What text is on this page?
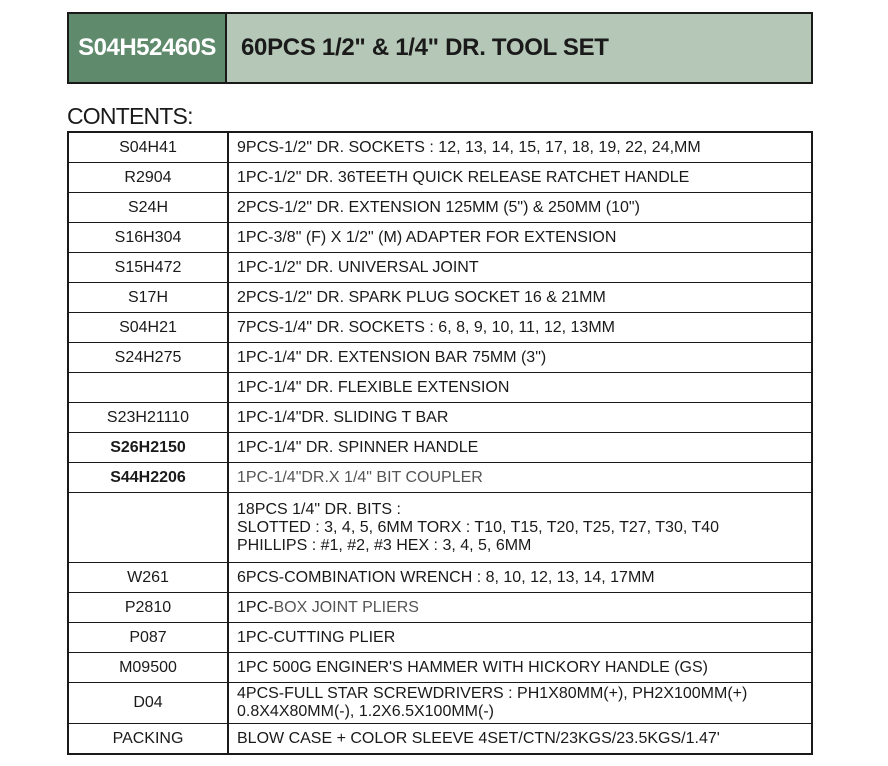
S04H52460S	60PCS 1/2" & 1/4" DR. TOOL SET
CONTENTS:
S04H41	9PCS-1/2" DR. SOCKETS : 12, 13, 14, 15, 17, 18, 19, 22, 24,MM
R2904	1PC-1/2" DR. 36TEETH QUICK RELEASE RATCHET HANDLE
S24H	2PCS-1/2" DR. EXTENSION 125MM (5") & 250MM (10")
S16H304	1PC-3/8" (F) X 1/2" (M) ADAPTER FOR EXTENSION
S15H472	1PC-1/2" DR. UNIVERSAL JOINT
S17H	2PCS-1/2" DR. SPARK PLUG SOCKET 16 & 21MM
S04H21	7PCS-1/4" DR. SOCKETS : 6, 8, 9, 10, 11, 12, 13MM
S24H275	1PC-1/4" DR. EXTENSION BAR 75MM (3")
	1PC-1/4" DR. FLEXIBLE EXTENSION
S23H21110	1PC-1/4"DR. SLIDING T BAR
S26H2150	1PC-1/4" DR. SPINNER HANDLE
S44H2206	1PC-1/4"DR.X 1/4" BIT COUPLER
	18PCS 1/4" DR. BITS :
SLOTTED : 3, 4, 5, 6MM TORX : T10, T15, T20, T25, T27, T30, T40
PHILLIPS : #1, #2, #3 HEX : 3, 4, 5, 6MM
W261	6PCS-COMBINATION WRENCH : 8, 10, 12, 13, 14, 17MM
P2810	1PC-BOX JOINT PLIERS
P087	1PC-CUTTING PLIER
M09500	1PC 500G ENGINER'S HAMMER WITH HICKORY HANDLE (GS)
D04	4PCS-FULL STAR SCREWDRIVERS : PH1X80MM(+), PH2X100MM(+)
0.8X4X80MM(-), 1.2X6.5X100MM(-)
PACKING	BLOW CASE + COLOR SLEEVE 4SET/CTN/23KGS/23.5KGS/1.47'
